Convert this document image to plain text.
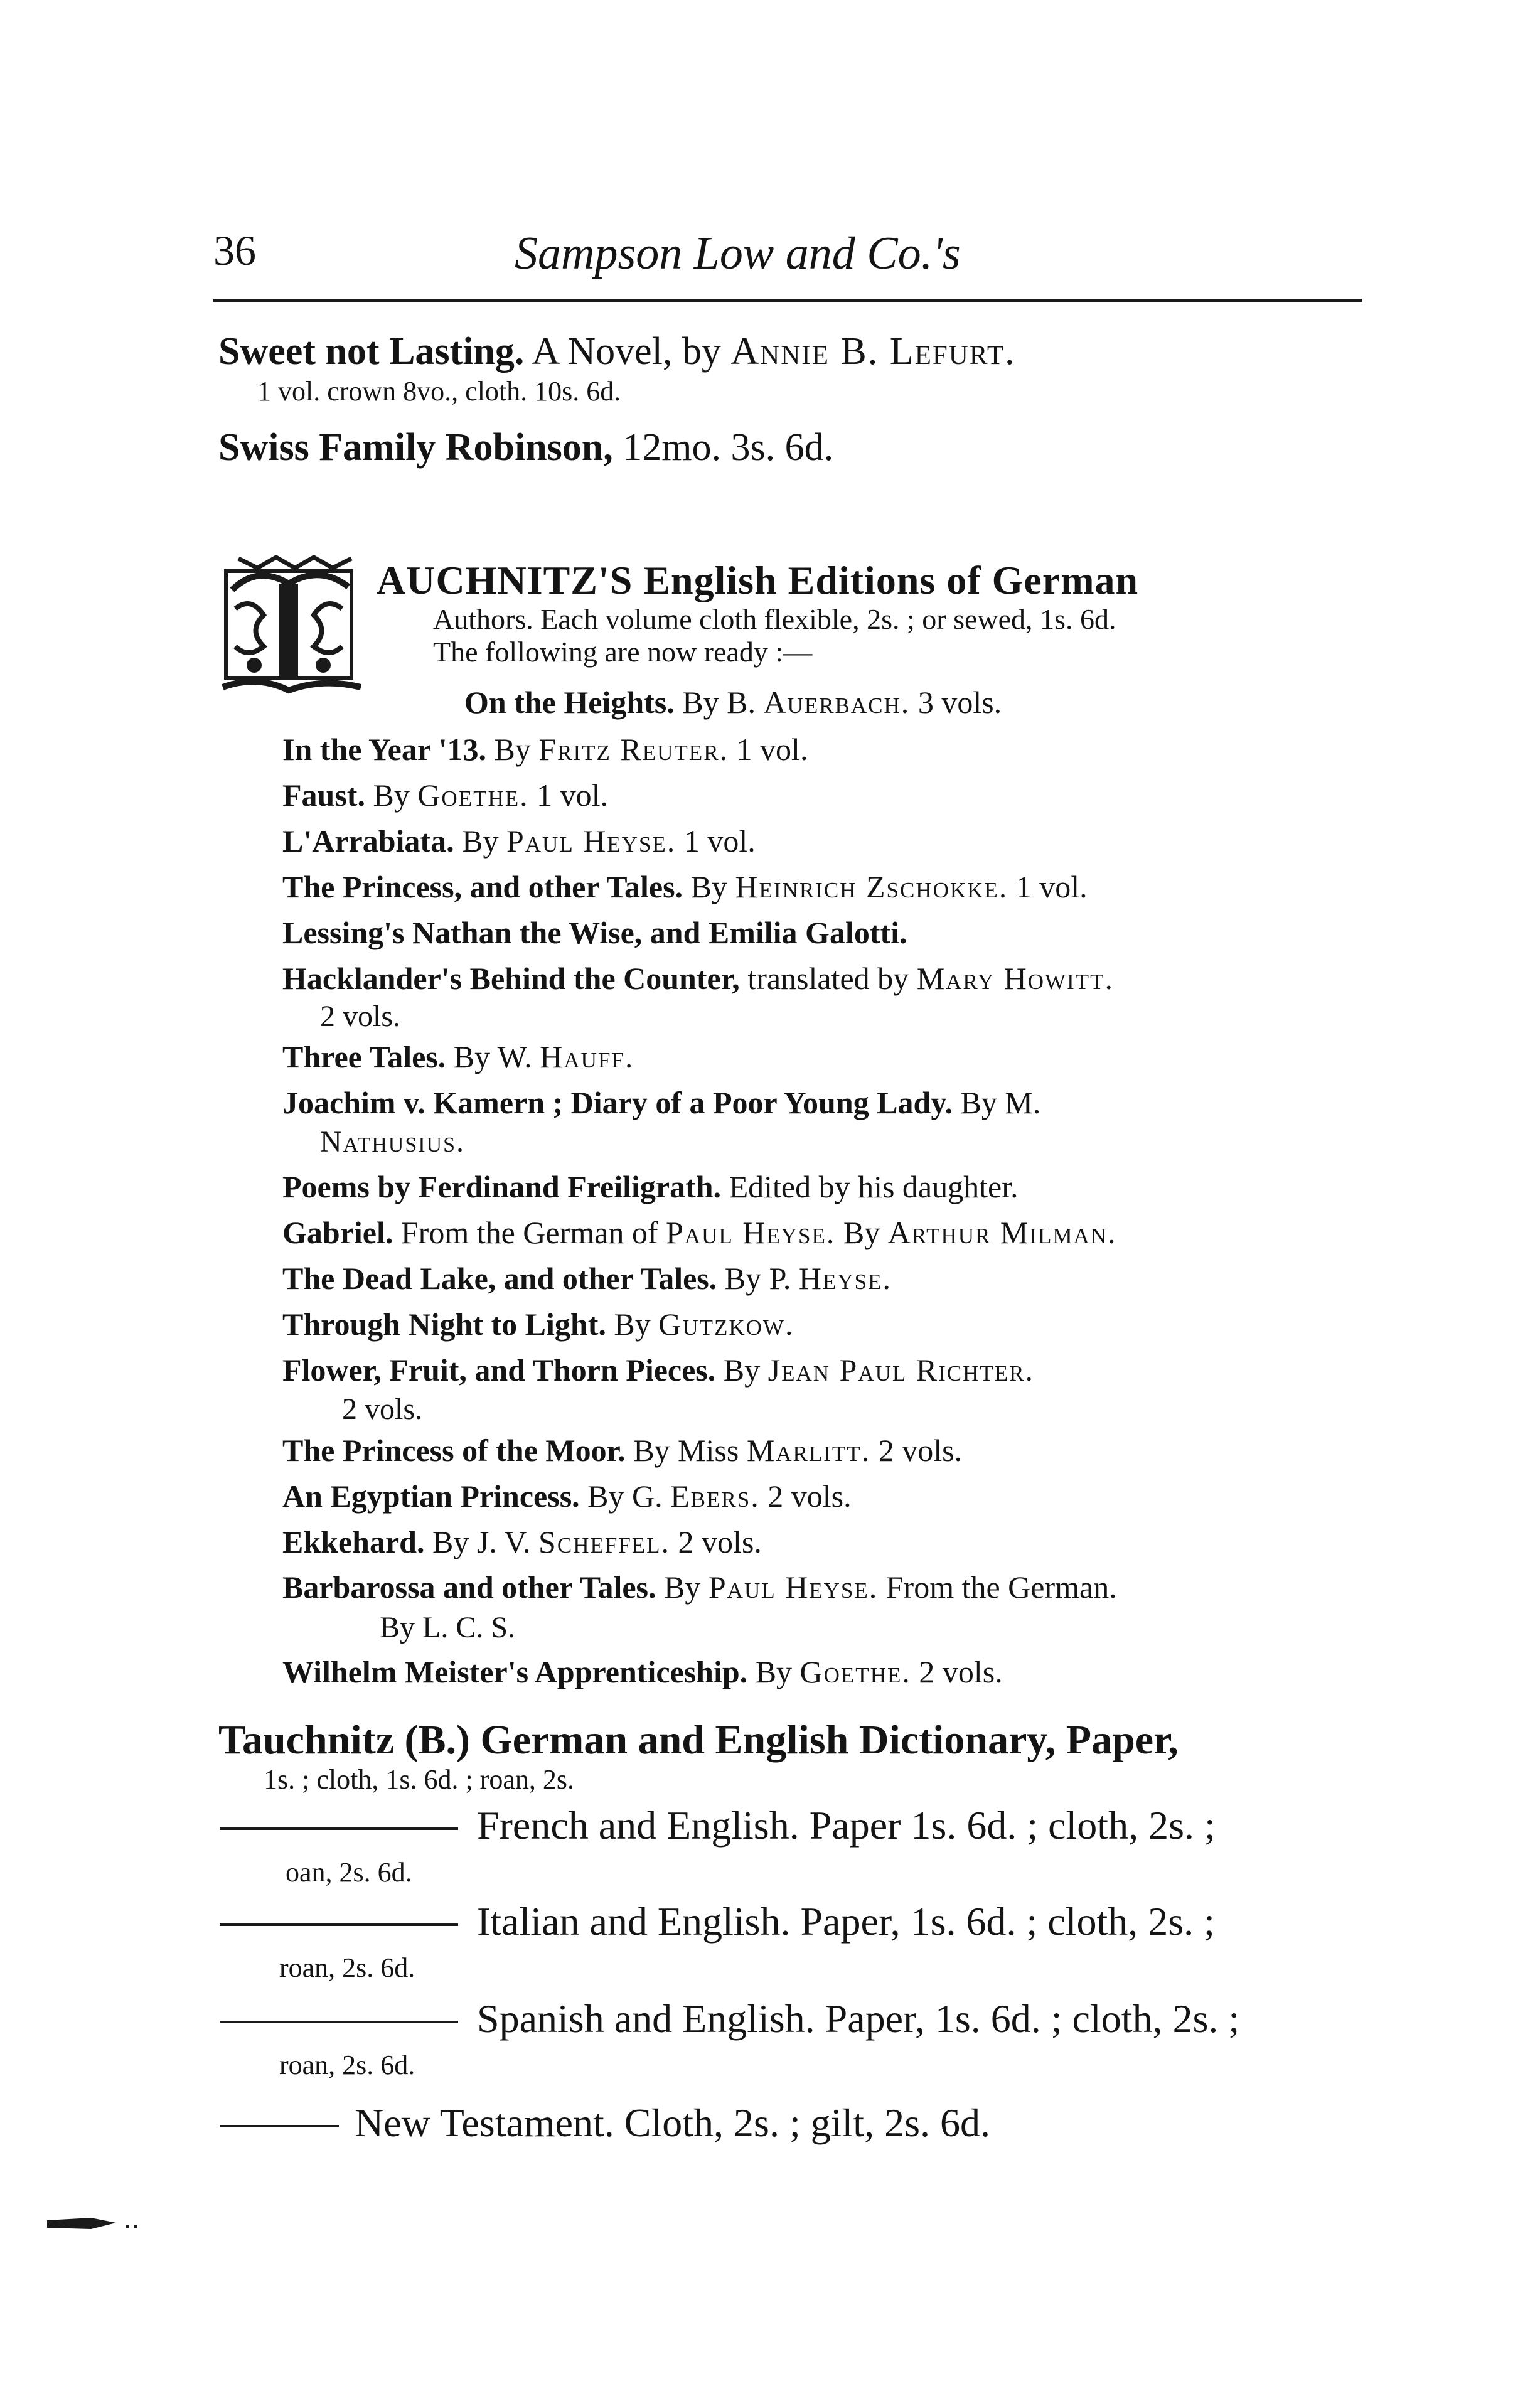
36	Sampson Low and Co.'s
Sweet not Lasting. A Novel, by Annie B. Lefurt.
1 vol. crown 8vo., cloth. 10s. 6d.
Swiss Family Robinson, 12mo. 3s. 6d.
AUCHNITZ'S English Editions of German
Authors. Each volume cloth flexible, 2s. ; or sewed, 1s. 6d.
The following are now ready :—
On the Heights. By B. Auerbach. 3 vols.
In the Year '13. By Fritz Reuter. 1 vol.
Faust. By Goethe. 1 vol.
L'Arrabiata. By Paul Heyse. 1 vol.
The Princess, and other Tales. By Heinrich Zschokke. 1 vol.
Lessing's Nathan the Wise, and Emilia Galotti.
Hacklander's Behind the Counter, translated by Mary Howitt.
2 vols.
Three Tales. By W. Hauff.
Joachim v. Kamern ; Diary of a Poor Young Lady. By M.
Nathusius.
Poems by Ferdinand Freiligrath. Edited by his daughter.
Gabriel. From the German of Paul Heyse. By Arthur Milman.
The Dead Lake, and other Tales. By P. Heyse.
Through Night to Light. By Gutzkow.
Flower, Fruit, and Thorn Pieces. By Jean Paul Richter.
2 vols.
The Princess of the Moor. By Miss Marlitt. 2 vols.
An Egyptian Princess. By G. Ebers. 2 vols.
Ekkehard. By J. V. Scheffel. 2 vols.
Barbarossa and other Tales. By Paul Heyse. From the German.
By L. C. S.
Wilhelm Meister's Apprenticeship. By Goethe. 2 vols.
Tauchnitz (B.) German and English Dictionary, Paper,
1s. ; cloth, 1s. 6d. ; roan, 2s.
French and English. Paper 1s. 6d. ; cloth, 2s. ;
oan, 2s. 6d.
Italian and English. Paper, 1s. 6d. ; cloth, 2s. ;
roan, 2s. 6d.
Spanish and English. Paper, 1s. 6d. ; cloth, 2s. ;
roan, 2s. 6d.
New Testament. Cloth, 2s. ; gilt, 2s. 6d.
